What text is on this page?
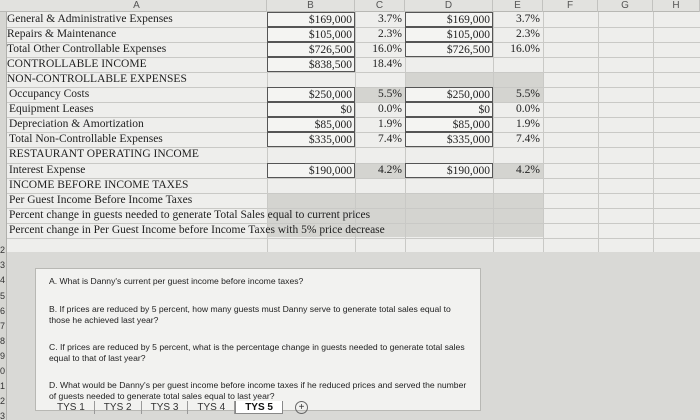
A	B	C	D	E	F	G	H
2
3
4
5
6
7
8
9
0
1
2
3
General & Administrative Expenses	$169,000	3.7%	$169,000	3.7%
Repairs & Maintenance	$105,000	2.3%	$105,000	2.3%
Total Other Controllable Expenses	$726,500	16.0%	$726,500	16.0%
CONTROLLABLE INCOME	$838,500	18.4%
NON-CONTROLLABLE EXPENSES
Occupancy Costs	$250,000	5.5%	$250,000	5.5%
Equipment Leases	$0	0.0%	$0	0.0%
Depreciation & Amortization	$85,000	1.9%	$85,000	1.9%
Total Non-Controllable Expenses	$335,000	7.4%	$335,000	7.4%
RESTAURANT OPERATING INCOME
Interest Expense	$190,000	4.2%	$190,000	4.2%
INCOME BEFORE INCOME TAXES
Per Guest Income Before Income Taxes
Percent change in guests needed to generate Total Sales equal to current prices
Percent change in Per Guest Income before Income Taxes with 5% price decrease
A. What is Danny's current per guest income before income taxes?
B. If prices are reduced by 5 percent, how many guests must Danny serve to generate total sales equal to those he achieved last year?
C. If prices are reduced by 5 percent, what is the percentage change in guests needed to generate total sales equal to that of last year?
D. What would be Danny's per guest income before income taxes if he reduced prices and served the number of guests needed to generate total sales equal to last year?
TYS 1	TYS 2	TYS 3	TYS 4	TYS 5	+
